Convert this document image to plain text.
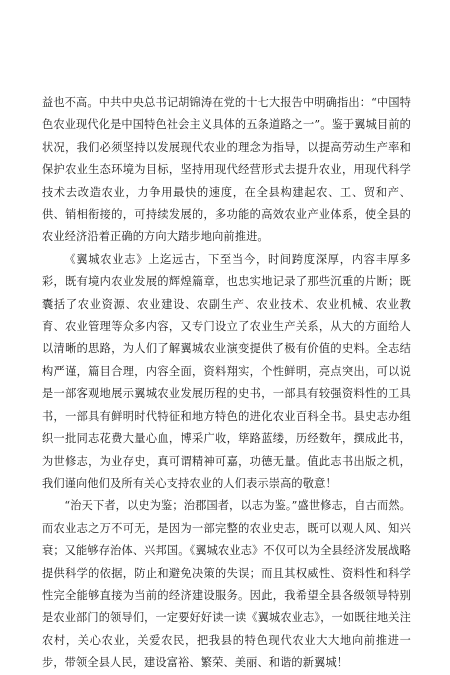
益也不高。中共中央总书记胡锦涛在党的十七大报告中明确指出：“中国特色农业现代化是中国特色社会主义具体的五条道路之一”。鉴于翼城目前的状况，我们必须坚持以发展现代农业的理念为指导，以提高劳动生产率和保护农业生态环境为目标，坚持用现代经营形式去提升农业，用现代科学技术去改造农业，力争用最快的速度，在全县构建起农、工、贸和产、供、销相衔接的，可持续发展的，多功能的高效农业产业体系，使全县的农业经济沿着正确的方向大踏步地向前推进。

《翼城农业志》上迄远古，下至当今，时间跨度深厚，内容丰厚多彩，既有境内农业发展的辉煌篇章，也忠实地记录了那些沉重的片断；既囊括了农业资源、农业建设、农副生产、农业技术、农业机械、农业教育、农业管理等众多内容，又专门设立了农业生产关系，从大的方面给人以清晰的思路，为人们了解翼城农业演变提供了极有价值的史料。全志结构严谨，篇目合理，内容全面，资料翔实，个性鲜明，亮点突出，可以说是一部客观地展示翼城农业发展历程的史书，一部具有较强资料性的工具书，一部具有鲜明时代特征和地方特色的进化农业百科全书。县史志办组织一批同志花费大量心血，博采广收，筚路蓝缕，历经数年，撰成此书，为世修志，为业存史，真可谓精神可嘉，功德无量。值此志书出版之机，我们谨向他们及所有关心支持农业的人们表示崇高的敬意！

“治天下者，以史为鉴；治郡国者，以志为鉴。”盛世修志，自古而然。而农业志之万不可无，是因为一部完整的农业史志，既可以观人风、知兴衰；又能够存治体、兴邦国。《翼城农业志》不仅可以为全县经济发展战略提供科学的依据，防止和避免决策的失误；而且其权威性、资料性和科学性完全能够直接为当前的经济建设服务。因此，我希望全县各级领导特别是农业部门的领导们，一定要好好读一读《翼城农业志》，一如既往地关注农村，关心农业，关爱农民，把我县的特色现代农业大大地向前推进一步，带领全县人民，建设富裕、繁荣、美丽、和谐的新翼城！
